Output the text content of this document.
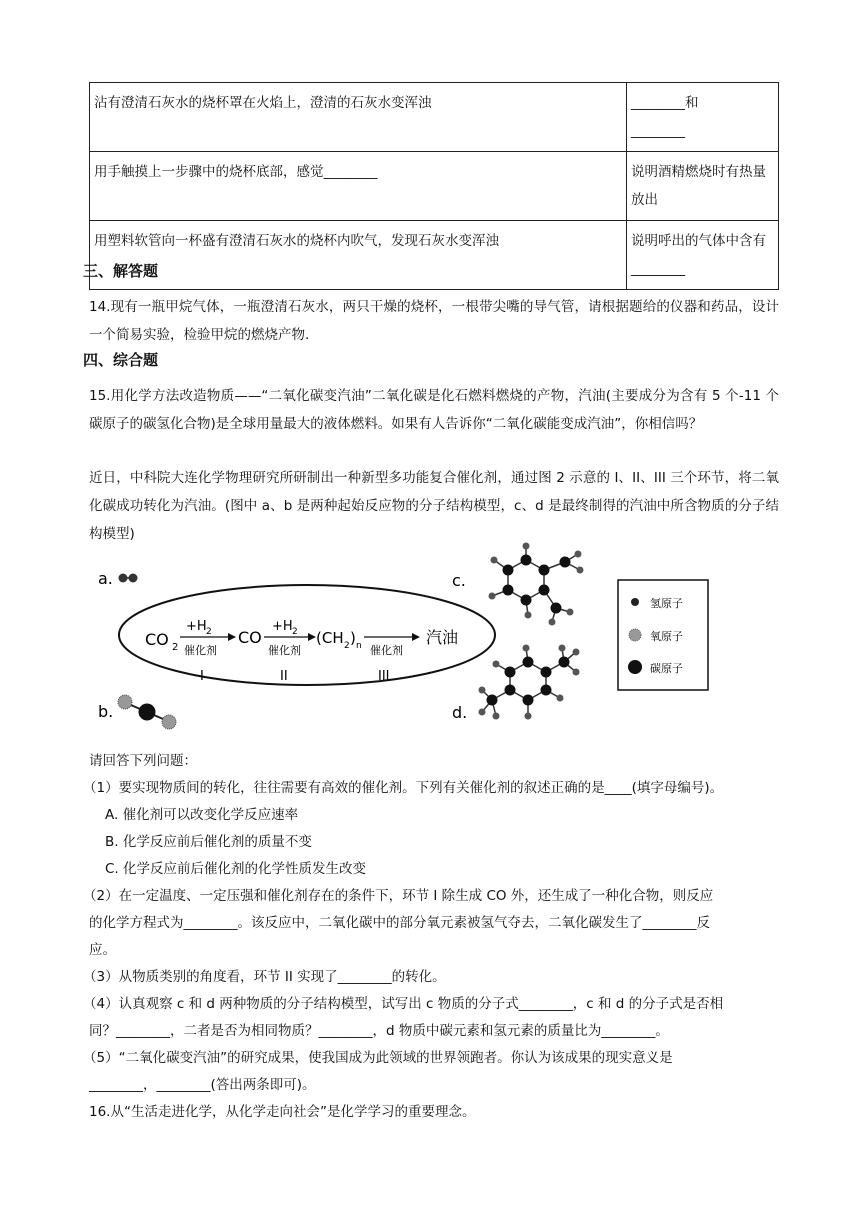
沾有澄清石灰水的烧杯罩在火焰上，澄清的石灰水变浑浊	________和
________
用手触摸上一步骤中的烧杯底部，感觉________	说明酒精燃烧时有热量
放出
用塑料软管向一杯盛有澄清石灰水的烧杯内吹气，发现石灰水变浑浊	说明呼出的气体中含有
________
三、解答题
14.现有一瓶甲烷气体，一瓶澄清石灰水，两只干燥的烧杯，一根带尖嘴的导气管，请根据题给的仪器和药品，设计一个简易实验，检验甲烷的燃烧产物.
四、综合题
15.用化学方法改造物质——“二氧化碳变汽油”二氧化碳是化石燃料燃烧的产物，汽油(主要成分为含有 5 个-11 个碳原子的碳氢化合物)是全球用量最大的液体燃料。如果有人告诉你“二氧化碳能变成汽油”，你相信吗？
近日，中科院大连化学物理研究所研制出一种新型多功能复合催化剂，通过图 2 示意的 I、II、III 三个环节，将二氧化碳成功转化为汽油。(图中 a、b 是两种起始反应物的分子结构模型，c、d 是最终制得的汽油中所含物质的分子结构模型)
a.
b.
CO 2
+H 2
催化剂
I
CO
+H 2
催化剂
II
(CH 2 ) n 催化剂
III
汽油
c.
d.
氢原子
氧原子
碳原子
请回答下列问题：
（1）要实现物质间的转化，往往需要有高效的催化剂。下列有关催化剂的叙述正确的是____(填字母编号)。
A. 催化剂可以改变化学反应速率
B. 化学反应前后催化剂的质量不变
C. 化学反应前后催化剂的化学性质发生改变
（2）在一定温度、一定压强和催化剂存在的条件下，环节 I 除生成 CO 外，还生成了一种化合物，则反应
的化学方程式为________。该反应中，二氧化碳中的部分氧元素被氢气夺去，二氧化碳发生了________反
应。
（3）从物质类别的角度看，环节 II 实现了________的转化。
（4）认真观察 c 和 d 两种物质的分子结构模型，试写出 c 物质的分子式________，c 和 d 的分子式是否相
同？________，二者是否为相同物质？________，d 物质中碳元素和氢元素的质量比为________。
（5）“二氧化碳变汽油”的研究成果，使我国成为此领域的世界领跑者。你认为该成果的现实意义是
________，________(答出两条即可)。
16.从“生活走进化学，从化学走向社会”是化学学习的重要理念。
